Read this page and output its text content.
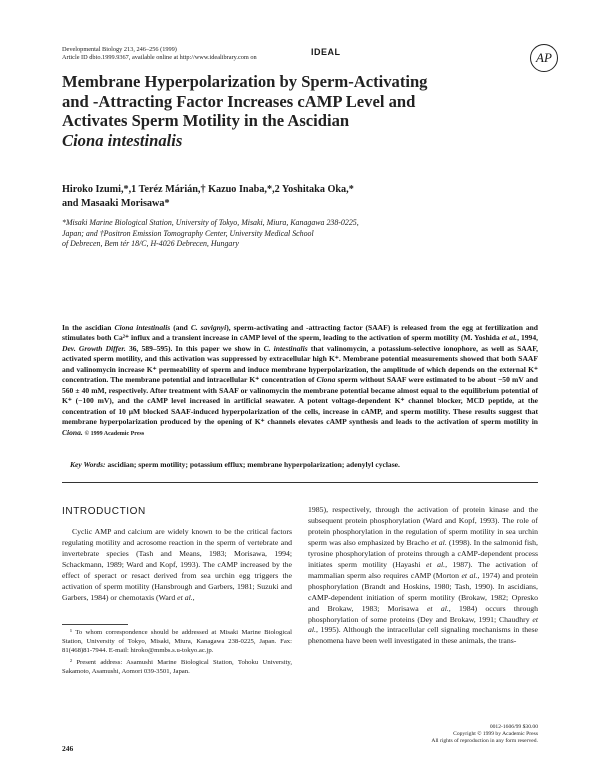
Developmental Biology 213, 246–256 (1999)
Article ID dbio.1999.9367, available online at http://www.idealibrary.com on
IDEAL	AP
Membrane Hyperpolarization by Sperm-Activating
and -Attracting Factor Increases cAMP Level and
Activates Sperm Motility in the Ascidian
Ciona intestinalis
Hiroko Izumi,*,1 Teréz Márián,† Kazuo Inaba,*,2 Yoshitaka Oka,*
and Masaaki Morisawa*
*Misaki Marine Biological Station, University of Tokyo, Misaki, Miura, Kanagawa 238-0225,
Japan; and †Positron Emission Tomography Center, University Medical School
of Debrecen, Bem tér 18/C, H-4026 Debrecen, Hungary
In the ascidian Ciona intestinalis (and C. savignyi), sperm-activating and -attracting factor (SAAF) is released from the egg at fertilization and stimulates both Ca²⁺ influx and a transient increase in cAMP level of the sperm, leading to the activation of sperm motility (M. Yoshida et al., 1994, Dev. Growth Differ. 36, 589–595). In this paper we show in C. intestinalis that valinomycin, a potassium-selective ionophore, as well as SAAF, activated sperm motility, and this activation was suppressed by extracellular high K⁺. Membrane potential measurements showed that both SAAF and valinomycin increase K⁺ permeability of sperm and induce membrane hyperpolarization, the amplitude of which depends on the external K⁺ concentration. The membrane potential and intracellular K⁺ concentration of Ciona sperm without SAAF were estimated to be about −50 mV and 560 ± 40 mM, respectively. After treatment with SAAF or valinomycin the membrane potential became almost equal to the equilibrium potential of K⁺ (−100 mV), and the cAMP level increased in artificial seawater. A potent voltage-dependent K⁺ channel blocker, MCD peptide, at the concentration of 10 μM blocked SAAF-induced hyperpolarization of the cells, increase in cAMP, and sperm motility. These results suggest that membrane hyperpolarization produced by the opening of K⁺ channels elevates cAMP synthesis and leads to the activation of sperm motility in Ciona. © 1999 Academic Press
Key Words: ascidian; sperm motility; potassium efflux; membrane hyperpolarization; adenylyl cyclase.
INTRODUCTION
Cyclic AMP and calcium are widely known to be the critical factors regulating motility and acrosome reaction in the sperm of vertebrate and invertebrate species (Tash and Means, 1983; Morisawa, 1994; Schackmann, 1989; Ward and Kopf, 1993). The cAMP increased by the effect of speract or resact derived from sea urchin egg triggers the activation of sperm motility (Hansbrough and Garbers, 1981; Suzuki and Garbers, 1984) or chemotaxis (Ward et al.,
1985), respectively, through the activation of protein kinase and the subsequent protein phosphorylation (Ward and Kopf, 1993). The role of protein phosphorylation in the regulation of sperm motility in sea urchin sperm was also emphasized by Bracho et al. (1998). In the salmonid fish, tyrosine phosphorylation of proteins through a cAMP-dependent process initiates sperm motility (Hayashi et al., 1987). The activation of mammalian sperm also requires cAMP (Morton et al., 1974) and protein phosphorylation (Brandt and Hoskins, 1980; Tash, 1990). In ascidians, cAMP-dependent initiation of sperm motility (Brokaw, 1982; Opresko and Brokaw, 1983; Morisawa et al., 1984) occurs through phosphorylation of some proteins (Dey and Brokaw, 1991; Chaudhry et al., 1995). Although the intracellular cell signaling mechanisms in these phenomena have been well investigated in these animals, the trans-

¹ To whom correspondence should be addressed at Misaki Marine Biological Station, University of Tokyo, Misaki, Miura, Kanagawa 238-0225, Japan. Fax: 81(468)81-7944. E-mail: hiroko@mmbs.s.u-tokyo.ac.jp.

² Present address: Asamushi Marine Biological Station, Tohoku University, Sakamoto, Asamushi, Aomori 039-3501, Japan.

246
0012-1606/99 $30.00
Copyright © 1999 by Academic Press
All rights of reproduction in any form reserved.
